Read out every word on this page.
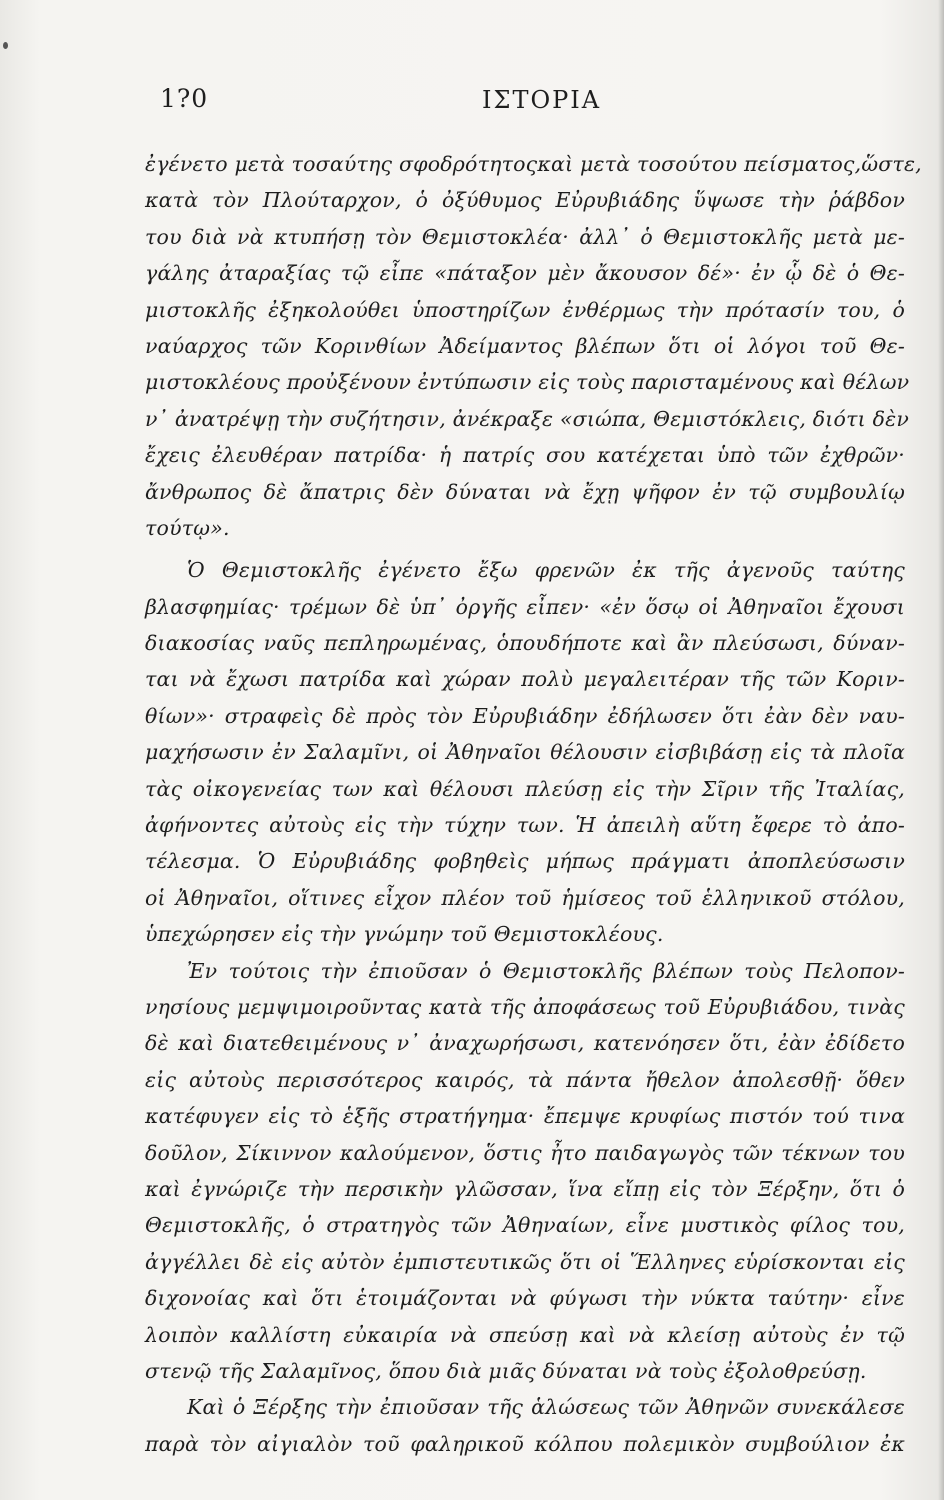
1?0	ΙΣΤΟΡΙΑ
ἐγένετο μετὰ τοσαύτης σφοδρότητοςκαὶ μετὰ τοσούτου πείσματος,ὥστε,
κατὰ τὸν Πλούταρχον, ὁ ὀξύθυμος Εὐρυβιάδης ὕψωσε τὴν ῥάβδον
του διὰ νὰ κτυπήσῃ τὸν Θεμιστοκλέα· ἀλλ᾽ ὁ Θεμιστοκλῆς μετὰ με-
γάλης ἀταραξίας τῷ εἶπε «πάταξον μὲν ἄκουσον δέ»· ἐν ᾧ δὲ ὁ Θε-
μιστοκλῆς ἐξηκολούθει ὑποστηρίζων ἐνθέρμως τὴν πρότασίν του, ὁ
ναύαρχος τῶν Κορινθίων Ἀδείμαντος βλέπων ὅτι οἱ λόγοι τοῦ Θε-
μιστοκλέους προὐξένουν ἐντύπωσιν εἰς τοὺς παρισταμένους καὶ θέλων
ν᾽ ἀνατρέψῃ τὴν συζήτησιν, ἀνέκραξε «σιώπα, Θεμιστόκλεις, διότι δὲν
ἔχεις ἐλευθέραν πατρίδα· ἡ πατρίς σου κατέχεται ὑπὸ τῶν ἐχθρῶν·
ἄνθρωπος δὲ ἄπατρις δὲν δύναται νὰ ἔχῃ ψῆφον ἐν τῷ συμβουλίῳ
τούτῳ».
Ὁ Θεμιστοκλῆς ἐγένετο ἔξω φρενῶν ἐκ τῆς ἀγενοῦς ταύτης
βλασφημίας· τρέμων δὲ ὑπ᾽ ὀργῆς εἶπεν· «ἐν ὅσῳ οἱ Ἀθηναῖοι ἔχουσι
διακοσίας ναῦς πεπληρωμένας, ὁπουδήποτε καὶ ἂν πλεύσωσι, δύναν-
ται νὰ ἔχωσι πατρίδα καὶ χώραν πολὺ μεγαλειτέραν τῆς τῶν Κοριν-
θίων»· στραφεὶς δὲ πρὸς τὸν Εὐρυβιάδην ἐδήλωσεν ὅτι ἐὰν δὲν ναυ-
μαχήσωσιν ἐν Σαλαμῖνι, οἱ Ἀθηναῖοι θέλουσιν εἰσβιβάσῃ εἰς τὰ πλοῖα
τὰς οἰκογενείας των καὶ θέλουσι πλεύσῃ εἰς τὴν Σῖριν τῆς Ἰταλίας,
ἀφήνοντες αὐτοὺς εἰς τὴν τύχην των. Ἡ ἀπειλὴ αὕτη ἔφερε τὸ ἀπο-
τέλεσμα. Ὁ Εὐρυβιάδης φοβηθεὶς μήπως πράγματι ἀποπλεύσωσιν
οἱ Ἀθηναῖοι, οἵτινες εἶχον πλέον τοῦ ἡμίσεος τοῦ ἑλληνικοῦ στόλου,
ὑπεχώρησεν εἰς τὴν γνώμην τοῦ Θεμιστοκλέους.
Ἐν τούτοις τὴν ἐπιοῦσαν ὁ Θεμιστοκλῆς βλέπων τοὺς Πελοπον-
νησίους μεμψιμοιροῦντας κατὰ τῆς ἀποφάσεως τοῦ Εὐρυβιάδου, τινὰς
δὲ καὶ διατεθειμένους ν᾽ ἀναχωρήσωσι, κατενόησεν ὅτι, ἐὰν ἐδίδετο
εἰς αὐτοὺς περισσότερος καιρός, τὰ πάντα ἤθελον ἀπολεσθῇ· ὅθεν
κατέφυγεν εἰς τὸ ἑξῆς στρατήγημα· ἔπεμψε κρυφίως πιστόν τού τινα
δοῦλον, Σίκιννον καλούμενον, ὅστις ἦτο παιδαγωγὸς τῶν τέκνων του
καὶ ἐγνώριζε τὴν περσικὴν γλῶσσαν, ἵνα εἴπῃ εἰς τὸν Ξέρξην, ὅτι ὁ
Θεμιστοκλῆς, ὁ στρατηγὸς τῶν Ἀθηναίων, εἶνε μυστικὸς φίλος του,
ἀγγέλλει δὲ εἰς αὐτὸν ἐμπιστευτικῶς ὅτι οἱ Ἕλληνες εὑρίσκονται εἰς
διχονοίας καὶ ὅτι ἑτοιμάζονται νὰ φύγωσι τὴν νύκτα ταύτην· εἶνε
λοιπὸν καλλίστη εὐκαιρία νὰ σπεύσῃ καὶ νὰ κλείσῃ αὐτοὺς ἐν τῷ
στενῷ τῆς Σαλαμῖνος, ὅπου διὰ μιᾶς δύναται νὰ τοὺς ἐξολοθρεύσῃ.
Καὶ ὁ Ξέρξης τὴν ἐπιοῦσαν τῆς ἁλώσεως τῶν Ἀθηνῶν συνεκάλεσε
παρὰ τὸν αἰγιαλὸν τοῦ φαληρικοῦ κόλπου πολεμικὸν συμβούλιον ἐκ
